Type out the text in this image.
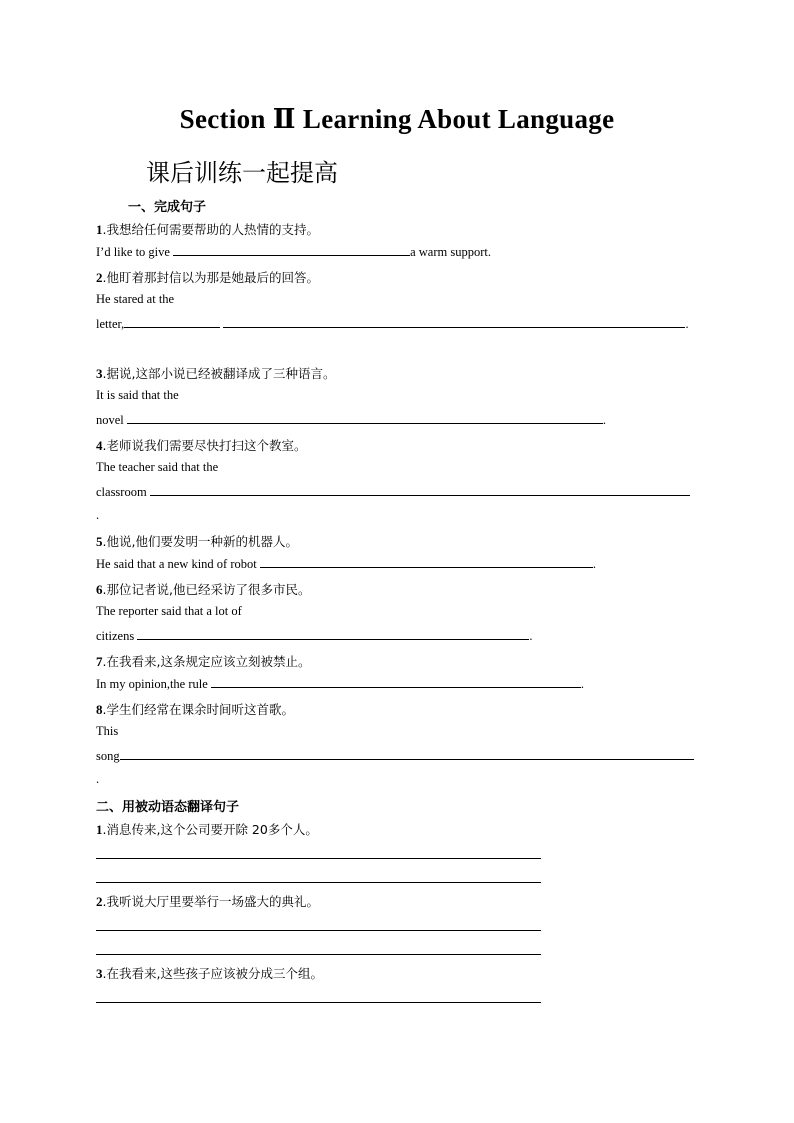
Section Ⅱ Learning About Language
课后训练一起提高
一、完成句子
1.我想给任何需要帮助的人热情的支持。
I’d like to give	a warm support.
2.他盯着那封信以为那是她最后的回答。
He stared at the
letter,	.
3.据说,这部小说已经被翻译成了三种语言。
It is said that the
novel	.
4.老师说我们需要尽快打扫这个教室。
The teacher said that the
classroom
.
5.他说,他们要发明一种新的机器人。
He said that a new kind of robot	.
6.那位记者说,他已经采访了很多市民。
The reporter said that a lot of
citizens	.
7.在我看来,这条规定应该立刻被禁止。
In my opinion,the rule	.
8.学生们经常在课余时间听这首歌。
This
song
.
二、用被动语态翻译句子
1.消息传来,这个公司要开除 20多个人。
2.我听说大厅里要举行一场盛大的典礼。
3.在我看来,这些孩子应该被分成三个组。
